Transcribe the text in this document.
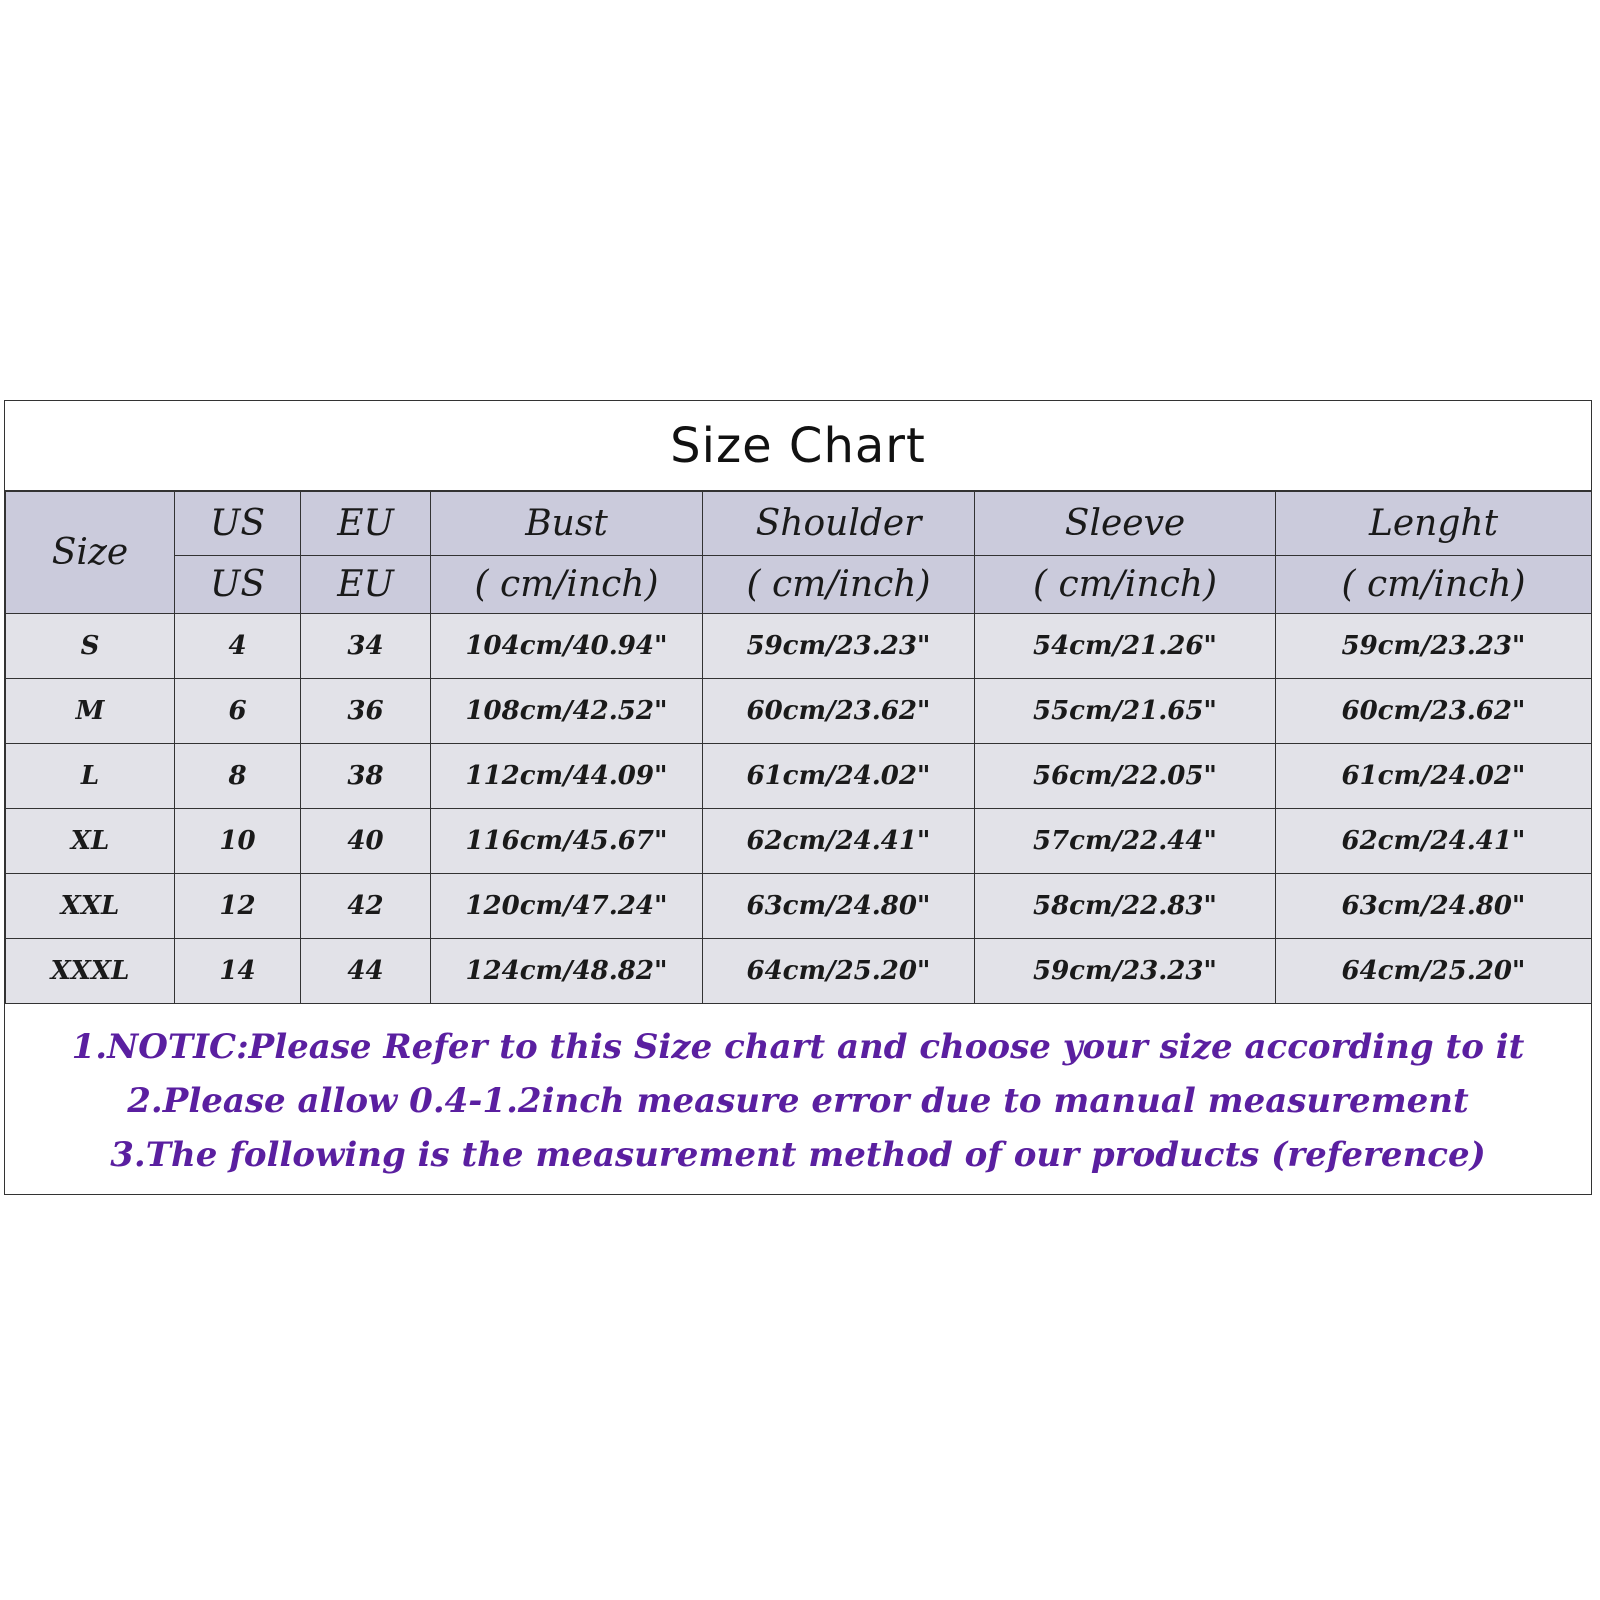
Size Chart
Size	US	EU	Bust	Shoulder	Sleeve	Lenght
	US	EU	( cm/inch)	( cm/inch)	( cm/inch)	( cm/inch)
S	4	34	104cm/40.94"	59cm/23.23"	54cm/21.26"	59cm/23.23"
M	6	36	108cm/42.52"	60cm/23.62"	55cm/21.65"	60cm/23.62"
L	8	38	112cm/44.09"	61cm/24.02"	56cm/22.05"	61cm/24.02"
XL	10	40	116cm/45.67"	62cm/24.41"	57cm/22.44"	62cm/24.41"
XXL	12	42	120cm/47.24"	63cm/24.80"	58cm/22.83"	63cm/24.80"
XXXL	14	44	124cm/48.82"	64cm/25.20"	59cm/23.23"	64cm/25.20"
1.NOTIC:Please Refer to this Size chart and choose your size according to it
2.Please allow 0.4-1.2inch measure error due to manual measurement
3.The following is the measurement method of our products (reference)
